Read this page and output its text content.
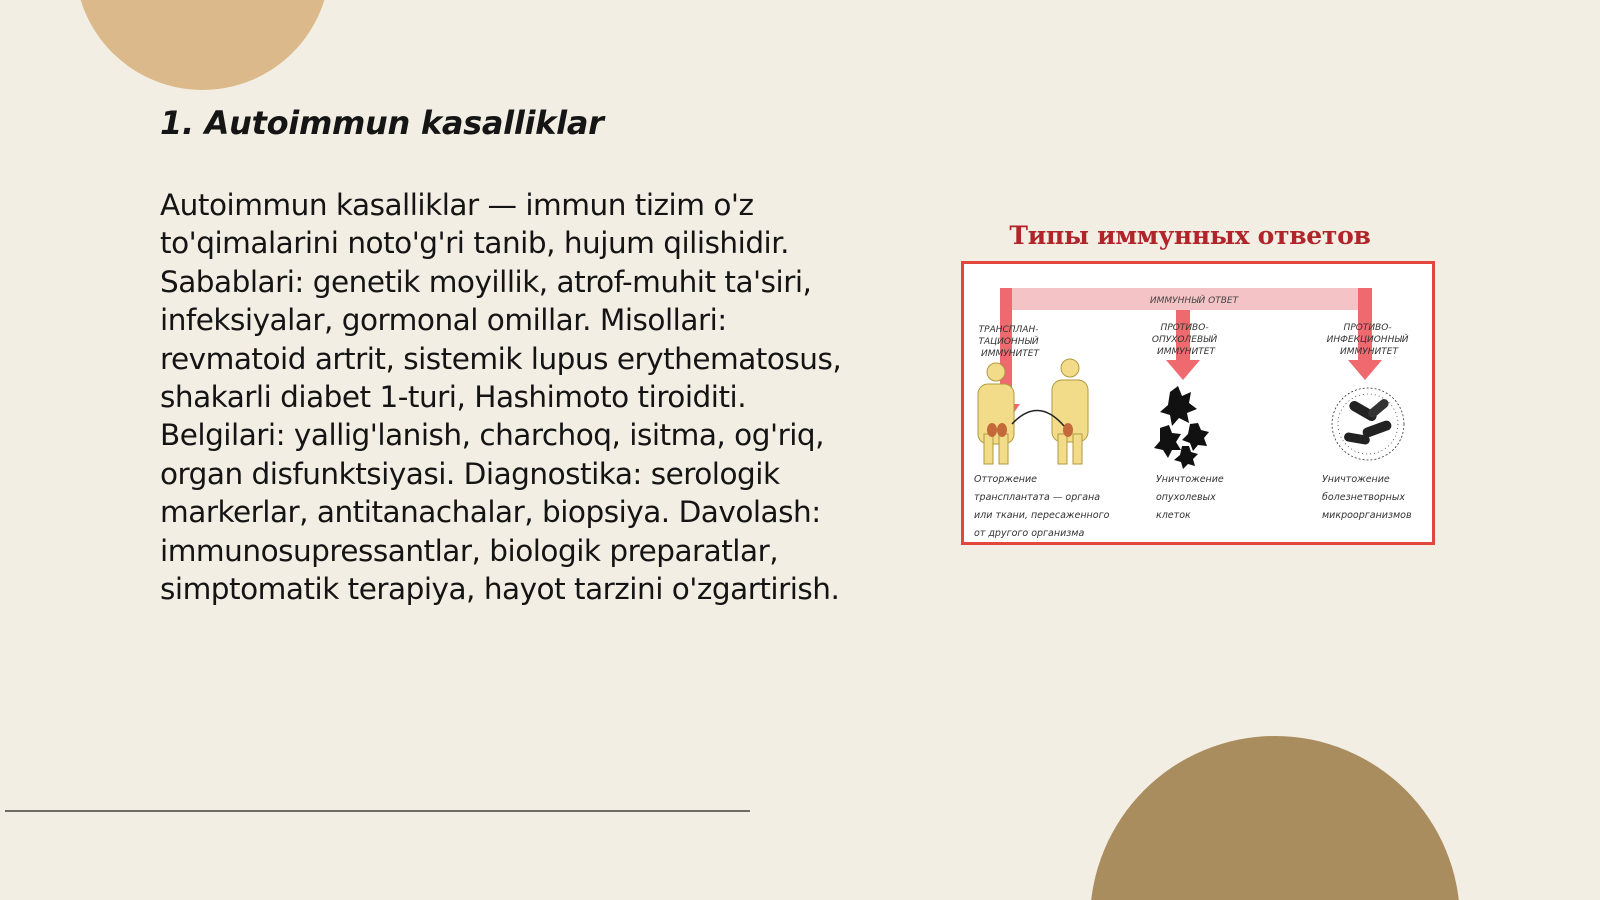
1. Autoimmun kasalliklar

Autoimmun kasalliklar — immun tizim o'z to'qimalarini noto'g'ri tanib, hujum qilishidir. Sabablari: genetik moyillik, atrof-muhit ta'siri, infeksiyalar, gormonal omillar. Misollari: revmatoid artrit, sistemik lupus erythematosus, shakarli diabet 1-turi, Hashimoto tiroiditi. Belgilari: yallig'lanish, charchoq, isitma, og'riq, organ disfunktsiyasi. Diagnostika: serologik markerlar, antitanachalar, biopsiya. Davolash: immunosupressantlar, biologik preparatlar, simptomatik terapiya, hayot tarzini o'zgartirish.

Типы иммунных ответов
ИММУННЫЙ ОТВЕТ
ТРАНСПЛАН- ТАЦИОННЫЙ ИММУНИТЕТ
ПРОТИВО- ОПУХОЛЕВЫЙ ИММУНИТЕТ
ПРОТИВО- ИНФЕКЦИОННЫЙ ИММУНИТЕТ
Отторжение трансплантата — органа или ткани, пересаженного от другого организма
Уничтожение опухолевых клеток
Уничтожение болезнетворных микроорганизмов
